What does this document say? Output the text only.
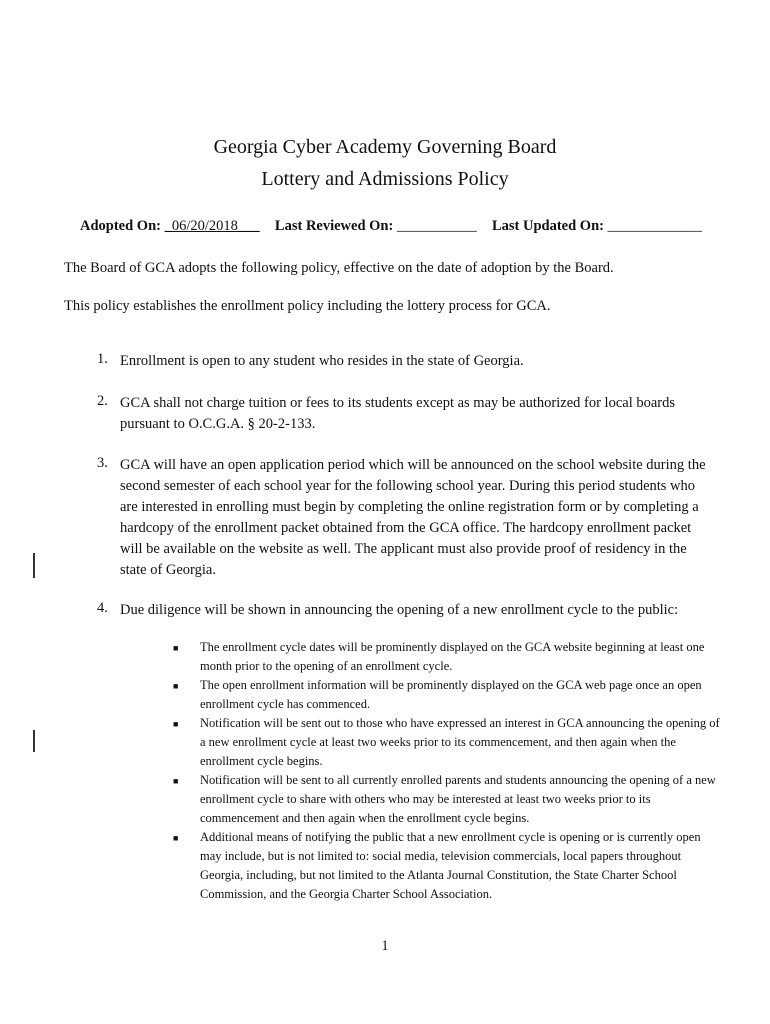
Georgia Cyber Academy Governing Board
Lottery and Admissions Policy
Adopted On: _06/20/2018___ Last Reviewed On: ___________ Last Updated On: _____________
The Board of GCA adopts the following policy, effective on the date of adoption by the Board.
This policy establishes the enrollment policy including the lottery process for GCA.
1. Enrollment is open to any student who resides in the state of Georgia.
2. GCA shall not charge tuition or fees to its students except as may be authorized for local boards pursuant to O.C.G.A. § 20-2-133.
3. GCA will have an open application period which will be announced on the school website during the second semester of each school year for the following school year. During this period students who are interested in enrolling must begin by completing the online registration form or by completing a hardcopy of the enrollment packet obtained from the GCA office. The hardcopy enrollment packet will be available on the website as well. The applicant must also provide proof of residency in the state of Georgia.
4. Due diligence will be shown in announcing the opening of a new enrollment cycle to the public:
■ The enrollment cycle dates will be prominently displayed on the GCA website beginning at least one month prior to the opening of an enrollment cycle.
■ The open enrollment information will be prominently displayed on the GCA web page once an open enrollment cycle has commenced.
■ Notification will be sent out to those who have expressed an interest in GCA announcing the opening of a new enrollment cycle at least two weeks prior to its commencement, and then again when the enrollment cycle begins.
■ Notification will be sent to all currently enrolled parents and students announcing the opening of a new enrollment cycle to share with others who may be interested at least two weeks prior to its commencement and then again when the enrollment cycle begins.
■ Additional means of notifying the public that a new enrollment cycle is opening or is currently open may include, but is not limited to: social media, television commercials, local papers throughout Georgia, including, but not limited to the Atlanta Journal Constitution, the State Charter School Commission, and the Georgia Charter School Association.
1
